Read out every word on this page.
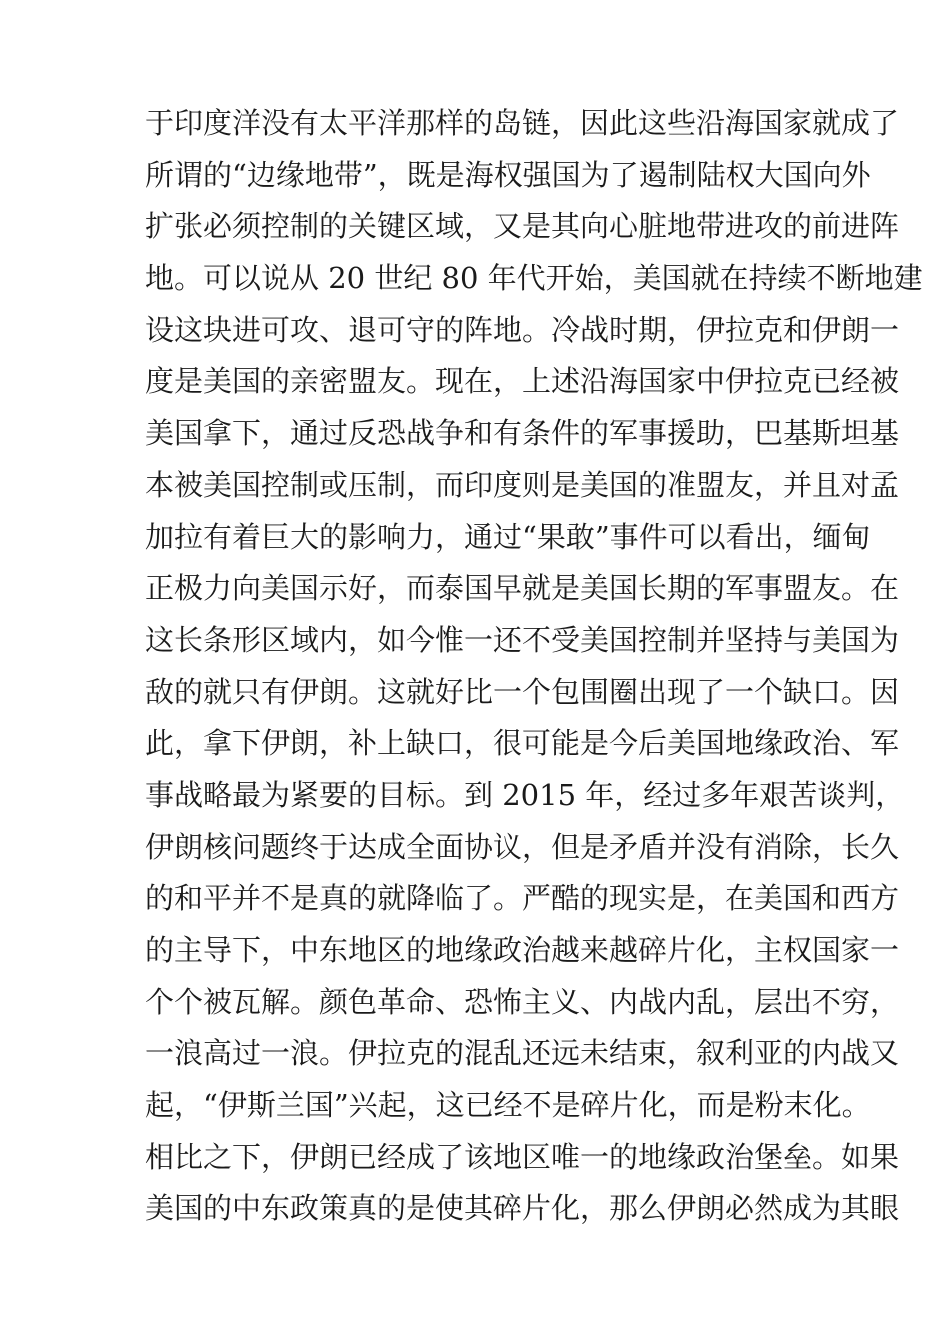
于印度洋没有太平洋那样的岛链，因此这些沿海国家就成了
所谓的“边缘地带”，既是海权强国为了遏制陆权大国向外
扩张必须控制的关键区域，又是其向心脏地带进攻的前进阵
地。可以说从 20 世纪 80 年代开始，美国就在持续不断地建
设这块进可攻、退可守的阵地。冷战时期，伊拉克和伊朗一
度是美国的亲密盟友。现在，上述沿海国家中伊拉克已经被
美国拿下，通过反恐战争和有条件的军事援助，巴基斯坦基
本被美国控制或压制，而印度则是美国的准盟友，并且对孟
加拉有着巨大的影响力，通过“果敢”事件可以看出，缅甸
正极力向美国示好，而泰国早就是美国长期的军事盟友。在
这长条形区域内，如今惟一还不受美国控制并坚持与美国为
敌的就只有伊朗。这就好比一个包围圈出现了一个缺口。因
此，拿下伊朗，补上缺口，很可能是今后美国地缘政治、军
事战略最为紧要的目标。到 2015 年，经过多年艰苦谈判，
伊朗核问题终于达成全面协议，但是矛盾并没有消除，长久
的和平并不是真的就降临了。严酷的现实是，在美国和西方
的主导下，中东地区的地缘政治越来越碎片化，主权国家一
个个被瓦解。颜色革命、恐怖主义、内战内乱，层出不穷，
一浪高过一浪。伊拉克的混乱还远未结束，叙利亚的内战又
起，“伊斯兰国”兴起，这已经不是碎片化，而是粉末化。
相比之下，伊朗已经成了该地区唯一的地缘政治堡垒。如果
美国的中东政策真的是使其碎片化，那么伊朗必然成为其眼
